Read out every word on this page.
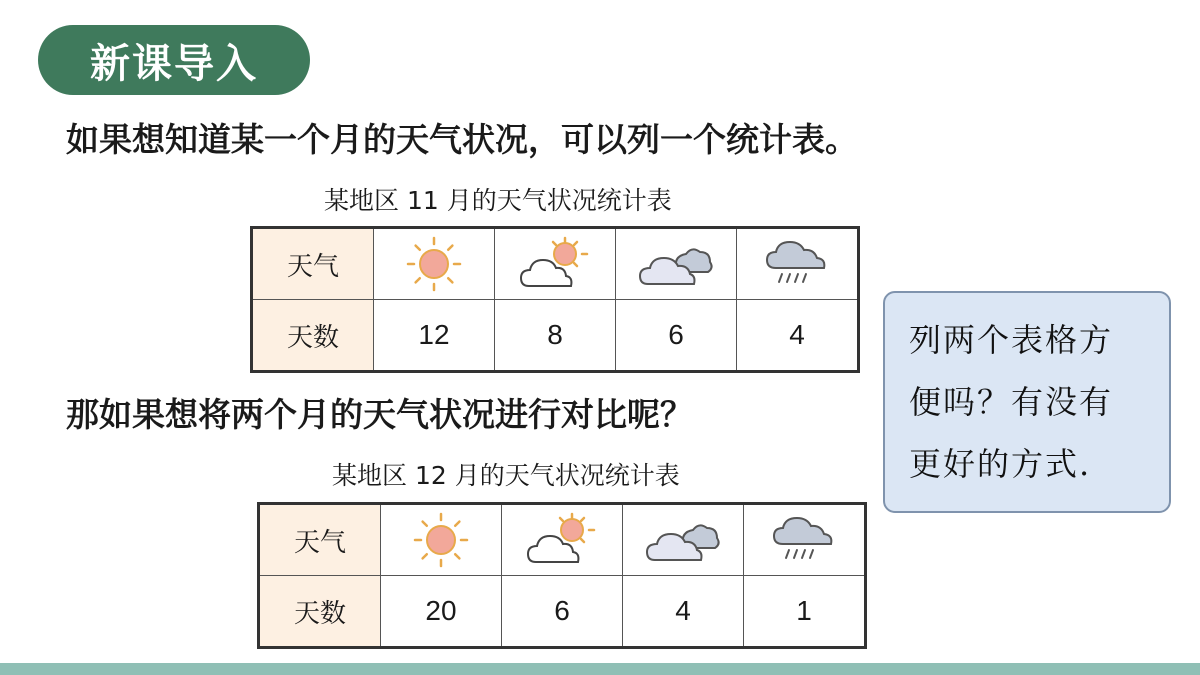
新课导入
如果想知道某一个月的天气状况，可以列一个统计表。
某地区 11 月的天气状况统计表
天气	

天数	12	8	6	4
那如果想将两个月的天气状况进行对比呢？
某地区 12 月的天气状况统计表
天气	

天数	20	6	4	1
列两个表格方便吗？有没有更好的方式.
